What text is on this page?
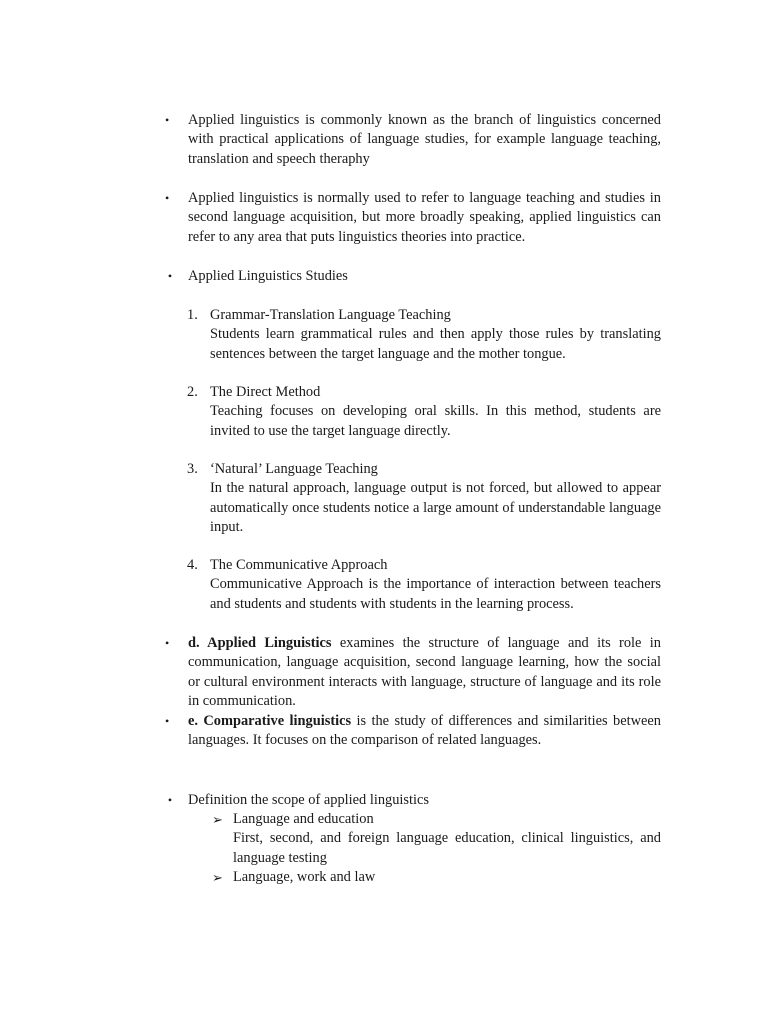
•	Applied linguistics is commonly known as the branch of linguistics concerned with practical applications of language studies, for example language teaching, translation and speech theraphy
•	Applied linguistics is normally used to refer to language teaching and studies in second language acquisition, but more broadly speaking, applied linguistics can refer to any area that puts linguistics theories into practice.
• Applied Linguistics Studies
1. Grammar-Translation Language Teaching
Students learn grammatical rules and then apply those rules by translating sentences between the target language and the mother tongue.
2. The Direct Method
Teaching focuses on developing oral skills. In this method, students are invited to use the target language directly.
3. ‘Natural’ Language Teaching
In the natural approach, language output is not forced, but allowed to appear automatically once students notice a large amount of understandable language input.
4. The Communicative Approach
Communicative Approach is the importance of interaction between teachers and students and students with students in the learning process.
•	d. Applied Linguistics examines the structure of language and its role in communication, language acquisition, second language learning, how the social or cultural environment interacts with language, structure of language and its role in communication.
•	e. Comparative linguistics is the study of differences and similarities between languages. It focuses on the comparison of related languages.
• Definition the scope of applied linguistics
➢ Language and education
First, second, and foreign language education, clinical linguistics, and language testing
➢ Language, work and law
